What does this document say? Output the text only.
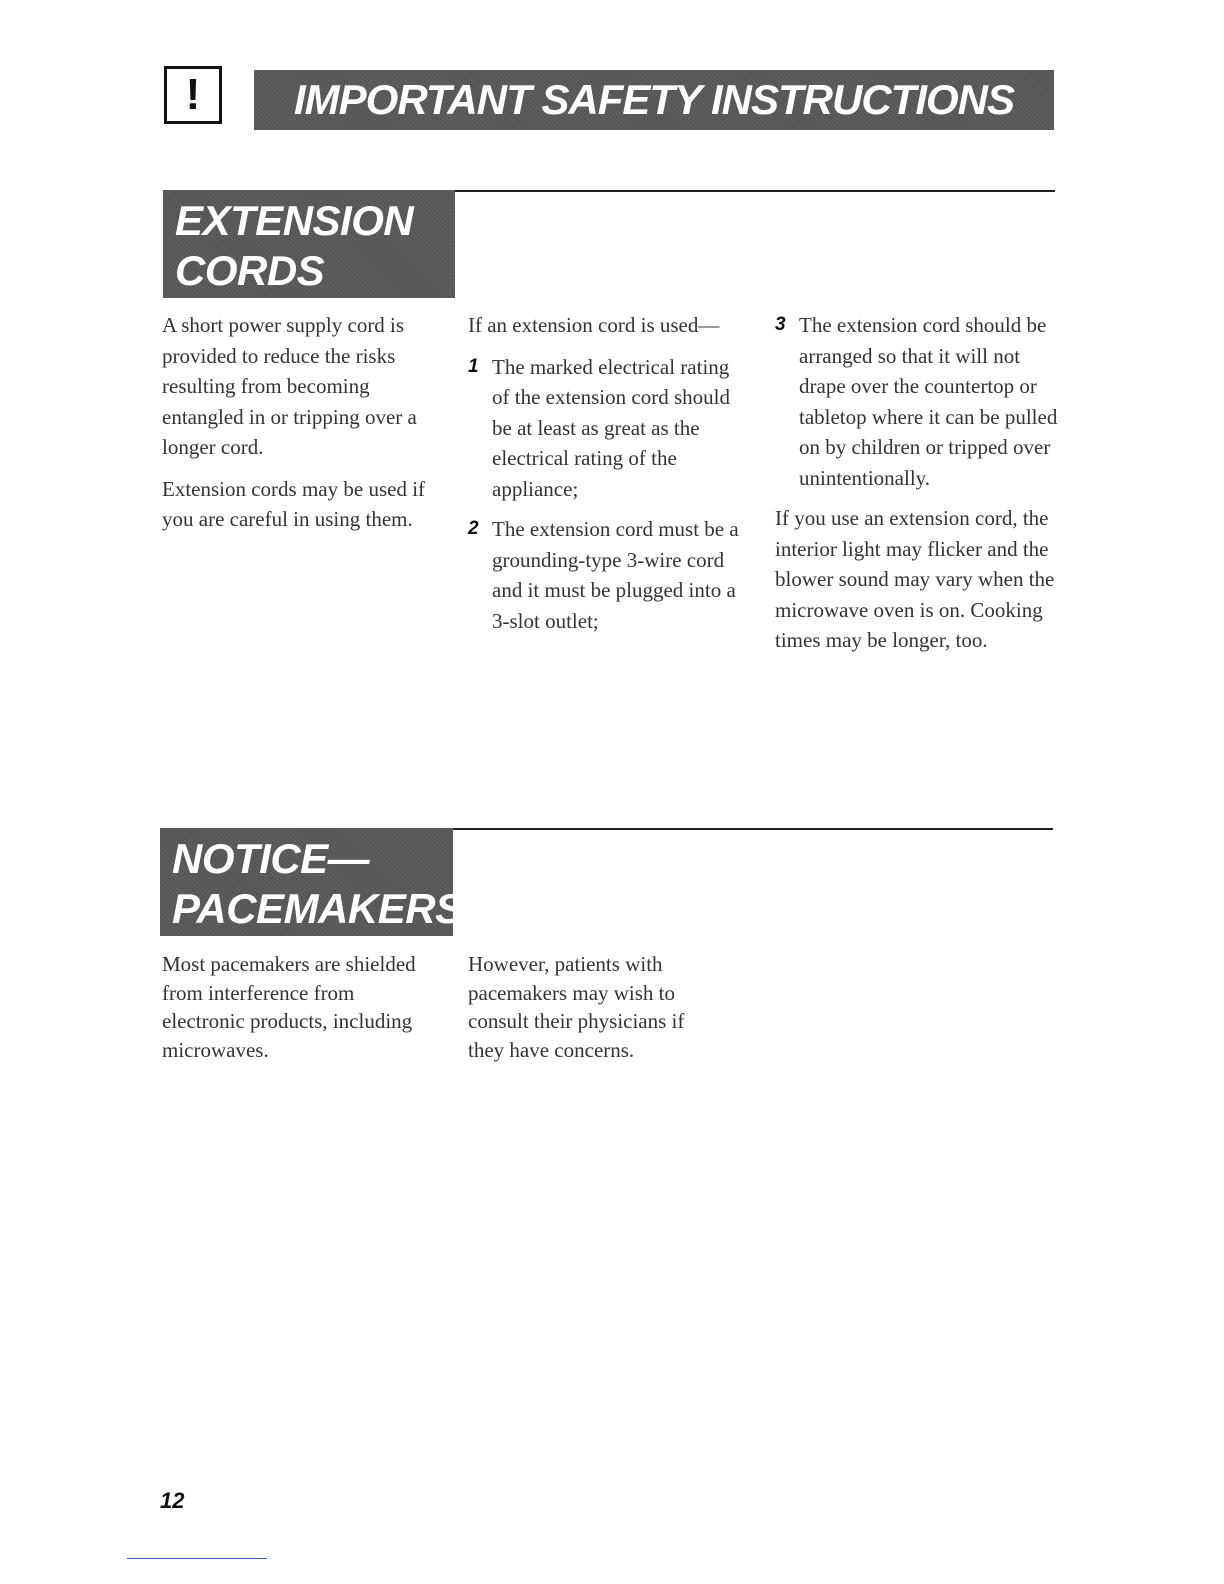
! IMPORTANT SAFETY INSTRUCTIONS
EXTENSION
CORDS

A short power supply cord is provided to reduce the risks resulting from becoming entangled in or tripping over a longer cord.

Extension cords may be used if you are careful in using them.

If an extension cord is used—

1 The marked electrical rating of the extension cord should be at least as great as the electrical rating of the appliance;
2 The extension cord must be a grounding-type 3-wire cord and it must be plugged into a 3-slot outlet;
3 The extension cord should be arranged so that it will not drape over the countertop or tabletop where it can be pulled on by children or tripped over unintentionally.

If you use an extension cord, the interior light may flicker and the blower sound may vary when the microwave oven is on. Cooking times may be longer, too.

NOTICE—
PACEMAKERS

Most pacemakers are shielded from interference from electronic products, including microwaves.

However, patients with pacemakers may wish to consult their physicians if they have concerns.

12
